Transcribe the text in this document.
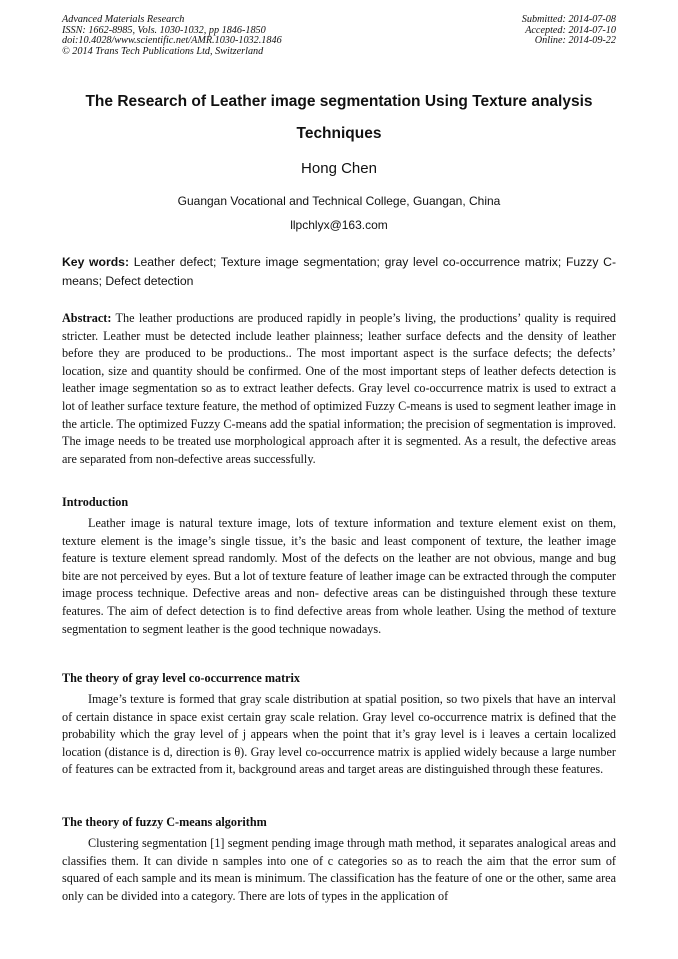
Advanced Materials Research
ISSN: 1662-8985, Vols. 1030-1032, pp 1846-1850
doi:10.4028/www.scientific.net/AMR.1030-1032.1846
© 2014 Trans Tech Publications Ltd, Switzerland
Submitted: 2014-07-08
Accepted: 2014-07-10
Online: 2014-09-22
The Research of Leather image segmentation Using Texture analysis Techniques
Hong Chen
Guangan Vocational and Technical College, Guangan, China
llpchlyx@163.com
Key words: Leather defect; Texture image segmentation; gray level co-occurrence matrix; Fuzzy C-means; Defect detection
Abstract: The leather productions are produced rapidly in people’s living, the productions’ quality is required stricter. Leather must be detected include leather plainness; leather surface defects and the density of leather before they are produced to be productions.. The most important aspect is the surface defects; the defects’ location, size and quantity should be confirmed. One of the most important steps of leather defects detection is leather image segmentation so as to extract leather defects. Gray level co-occurrence matrix is used to extract a lot of leather surface texture feature, the method of optimized Fuzzy C-means is used to segment leather image in the article. The optimized Fuzzy C-means add the spatial information; the precision of segmentation is improved. The image needs to be treated use morphological approach after it is segmented. As a result, the defective areas are separated from non-defective areas successfully.
Introduction
Leather image is natural texture image, lots of texture information and texture element exist on them, texture element is the image’s single tissue, it’s the basic and least component of texture, the leather image feature is texture element spread randomly. Most of the defects on the leather are not obvious, mange and bug bite are not perceived by eyes. But a lot of texture feature of leather image can be extracted through the computer image process technique. Defective areas and non- defective areas can be distinguished through these texture features. The aim of defect detection is to find defective areas from whole leather. Using the method of texture segmentation to segment leather is the good technique nowadays.
The theory of gray level co-occurrence matrix
Image’s texture is formed that gray scale distribution at spatial position, so two pixels that have an interval of certain distance in space exist certain gray scale relation. Gray level co-occurrence matrix is defined that the probability which the gray level of j appears when the point that it’s gray level is i leaves a certain localized location (distance is d, direction is θ). Gray level co-occurrence matrix is applied widely because a large number of features can be extracted from it, background areas and target areas are distinguished through these features.
The theory of fuzzy C-means algorithm
Clustering segmentation [1] segment pending image through math method, it separates analogical areas and classifies them. It can divide n samples into one of c categories so as to reach the aim that the error sum of squared of each sample and its mean is minimum. The classification has the feature of one or the other, same area only can be divided into a category. There are lots of types in the application of
